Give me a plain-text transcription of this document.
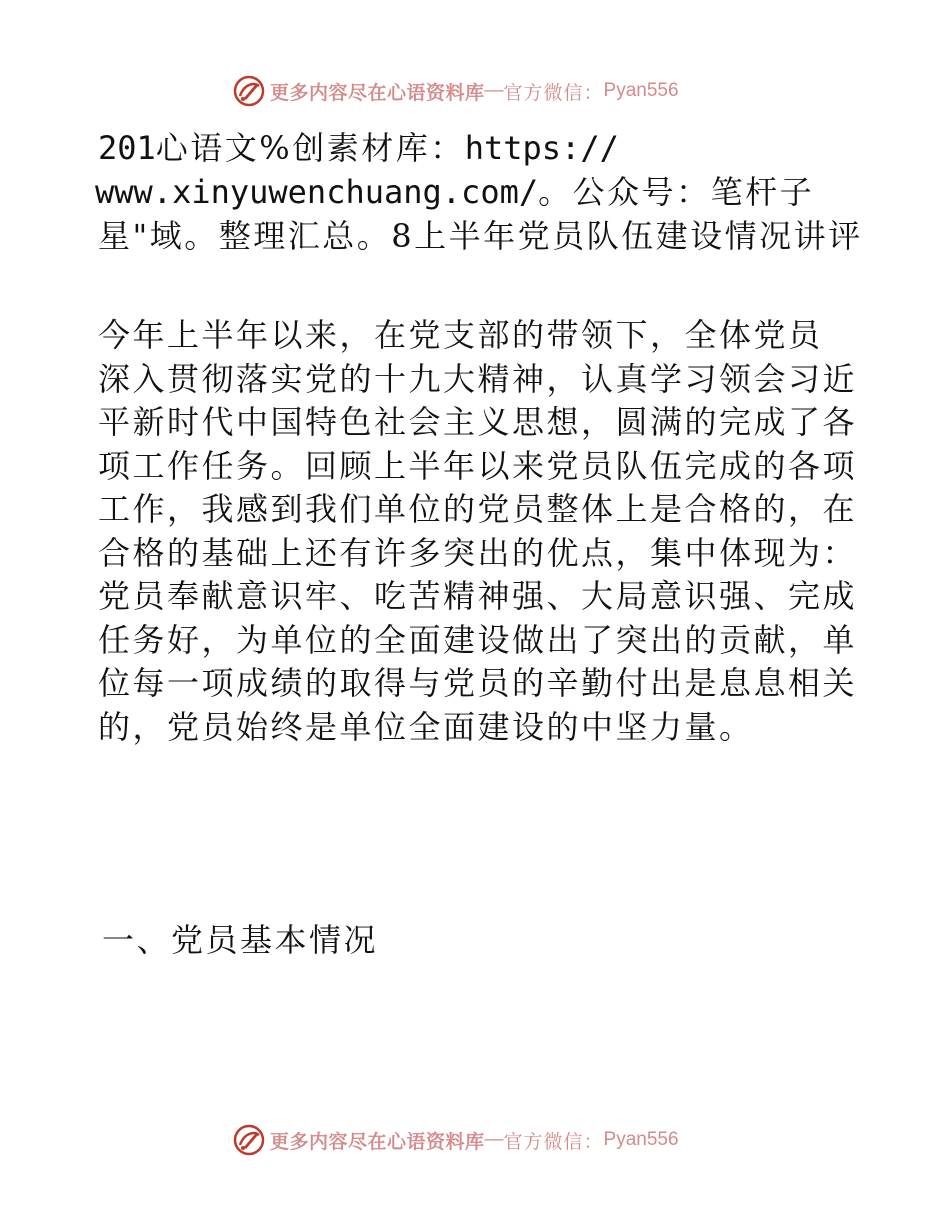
更多内容尽在心语资料库 — 官方微信： Pyan556
201心语文%创素材库：https://
www.xinyuwenchuang.com/。公众号：笔杆子
星"域。整理汇总。8上半年党员队伍建设情况讲评
今年上半年以来，在党支部的带领下，全体党员
深入贯彻落实党的十九大精神，认真学习领会习近
平新时代中国特色社会主义思想，圆满的完成了各
项工作任务。回顾上半年以来党员队伍完成的各项
工作，我感到我们单位的党员整体上是合格的，在
合格的基础上还有许多突出的优点，集中体现为：
党员奉献意识牢、吃苦精神强、大局意识强、完成
任务好，为单位的全面建设做出了突出的贡献，单
位每一项成绩的取得与党员的辛勤付出是息息相关
的，党员始终是单位全面建设的中坚力量。
一、党员基本情况
更多内容尽在心语资料库 — 官方微信： Pyan556
